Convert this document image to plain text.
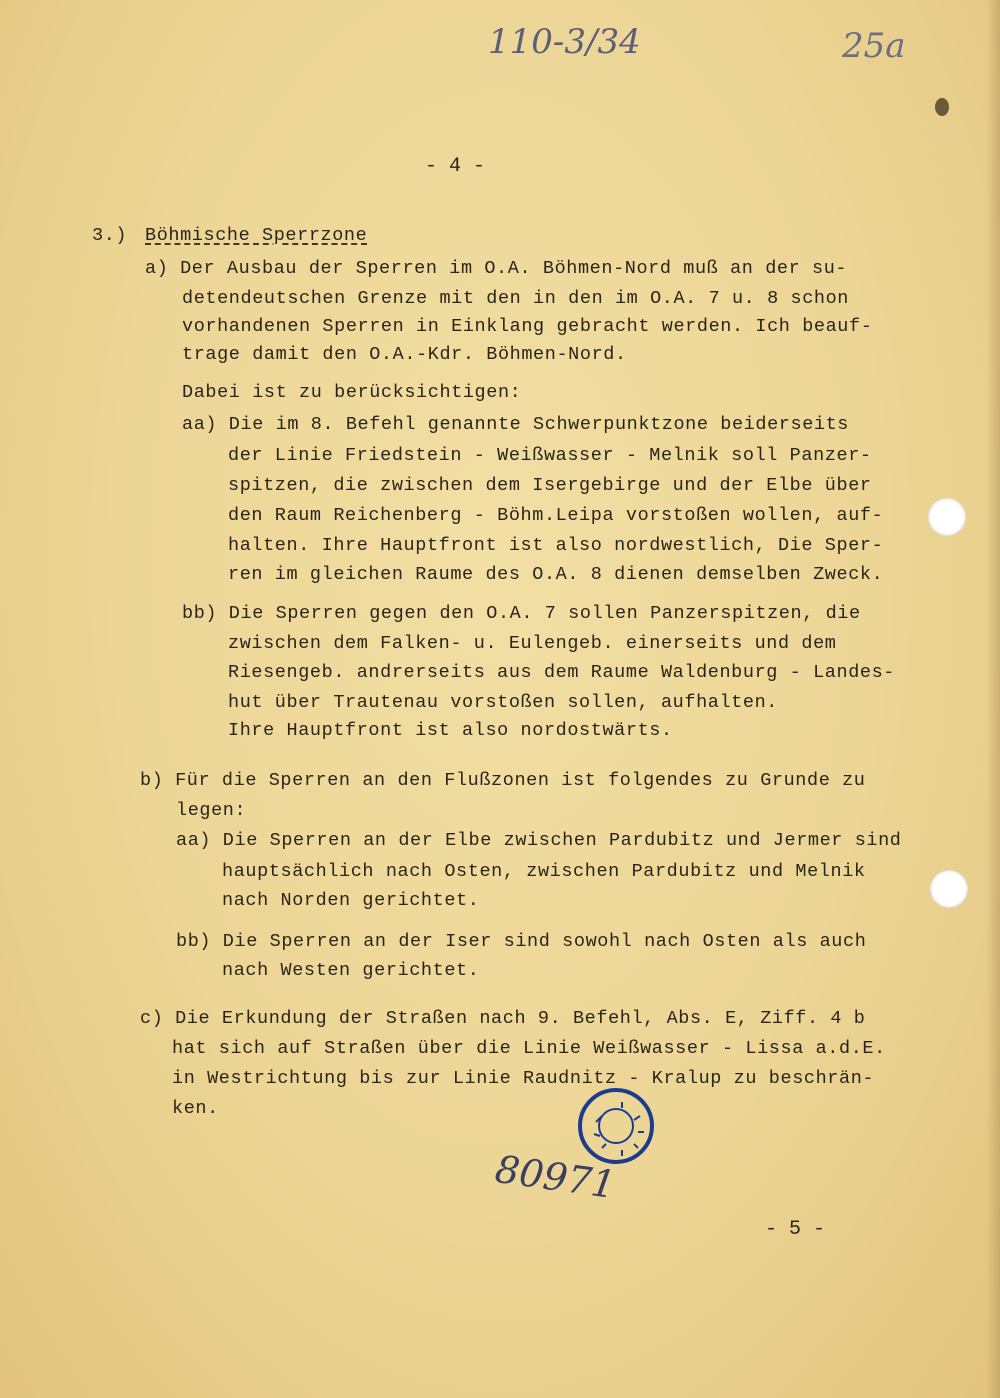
110-3/34	25a
- 4 -
3.) Böhmische Sperrzone
a) Der Ausbau der Sperren im O.A. Böhmen-Nord muß an der su-
detendeutschen Grenze mit den in den im O.A. 7 u. 8 schon
vorhandenen Sperren in Einklang gebracht werden. Ich beauf-
trage damit den O.A.-Kdr. Böhmen-Nord.
Dabei ist zu berücksichtigen:
aa) Die im 8. Befehl genannte Schwerpunktzone beiderseits
der Linie Friedstein - Weißwasser - Melnik soll Panzer-
spitzen, die zwischen dem Isergebirge und der Elbe über
den Raum Reichenberg - Böhm.Leipa vorstoßen wollen, auf-
halten. Ihre Hauptfront ist also nordwestlich, Die Sper-
ren im gleichen Raume des O.A. 8 dienen demselben Zweck.
bb) Die Sperren gegen den O.A. 7 sollen Panzerspitzen, die
zwischen dem Falken- u. Eulengeb. einerseits und dem
Riesengeb. andrerseits aus dem Raume Waldenburg - Landes-
hut über Trautenau vorstoßen sollen, aufhalten.
Ihre Hauptfront ist also nordostwärts.
b) Für die Sperren an den Flußzonen ist folgendes zu Grunde zu
legen:
aa) Die Sperren an der Elbe zwischen Pardubitz und Jermer sind
hauptsächlich nach Osten, zwischen Pardubitz und Melnik
nach Norden gerichtet.
bb) Die Sperren an der Iser sind sowohl nach Osten als auch
nach Westen gerichtet.
c) Die Erkundung der Straßen nach 9. Befehl, Abs. E, Ziff. 4 b
hat sich auf Straßen über die Linie Weißwasser - Lissa a.d.E.
in Westrichtung bis zur Linie Raudnitz - Kralup zu beschrän-
ken.
80971
- 5 -
